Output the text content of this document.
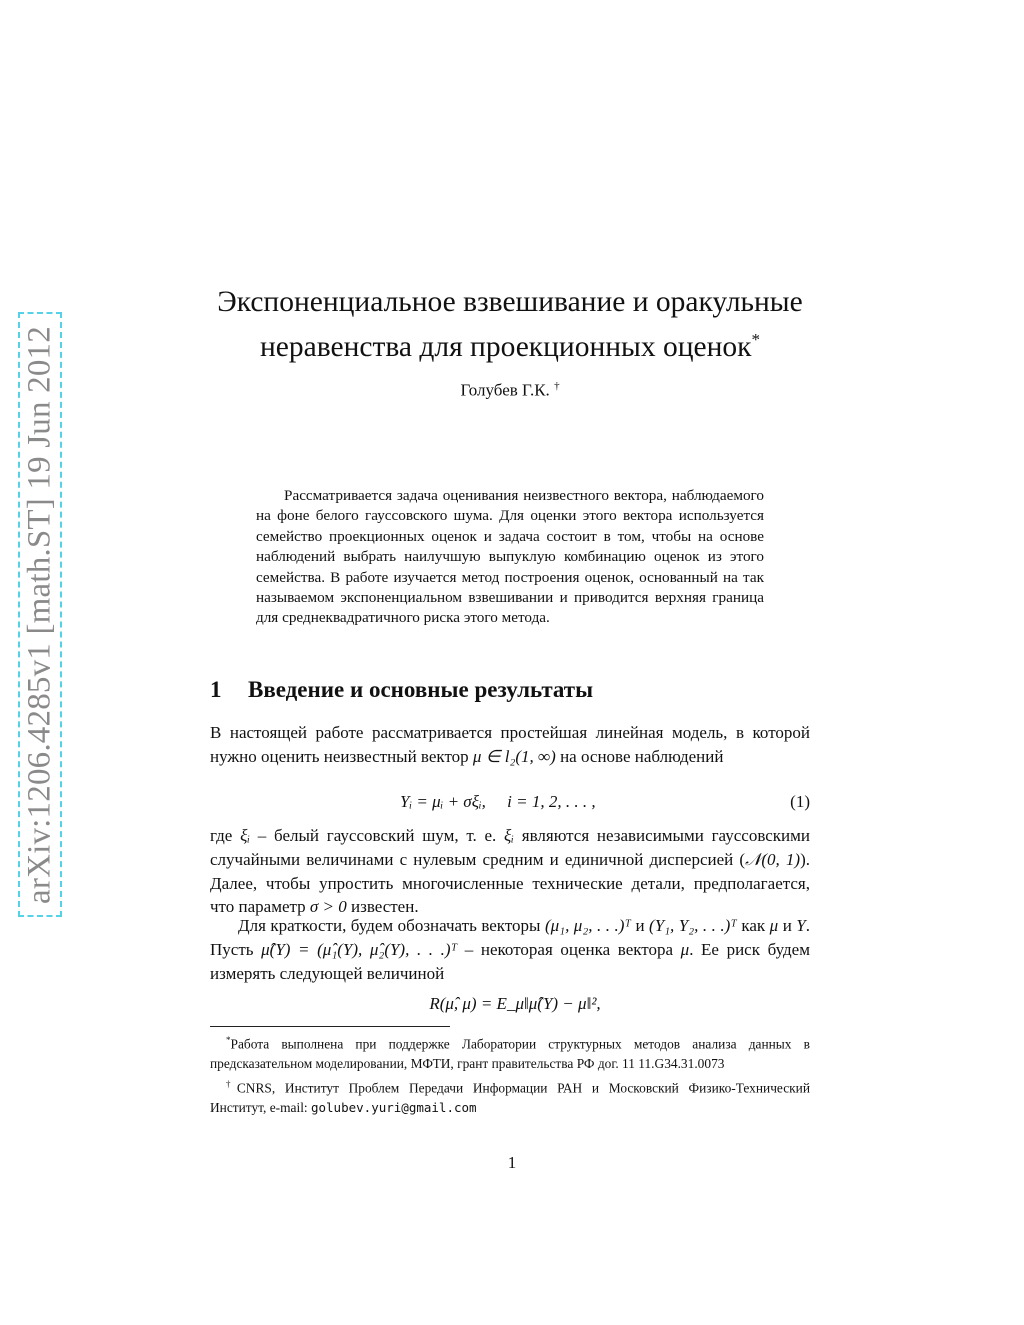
arXiv:1206.4285v1 [math.ST] 19 Jun 2012
Экспоненциальное взвешивание и оракульные
неравенства для проекционных оценок*
Голубев Г.К. †
Рассматривается задача оценивания неизвестного вектора, наблюдаемого на фоне белого гауссовского шума. Для оценки этого вектора используется семейство проекционных оценок и задача состоит в том, чтобы на основе наблюдений выбрать наилучшую выпуклую комбинацию оценок из этого семейства. В работе изучается метод построения оценок, основанный на так называемом экспоненциальном взвешивании и приводится верхняя граница для среднеквадратичного риска этого метода.
1 Введение и основные результаты
В настоящей работе рассматривается простейшая линейная модель, в которой нужно оценить неизвестный вектор μ ∈ l₂(1, ∞) на основе наблюдений
Yᵢ = μᵢ + σξᵢ,     i = 1, 2, . . . ,	(1)
где ξᵢ – белый гауссовский шум, т. е. ξᵢ являются независимыми гауссовскими случайными величинами с нулевым средним и единичной дисперсией (𝒩(0, 1)). Далее, чтобы упростить многочисленные технические детали, предполагается, что параметр σ > 0 известен.
Для краткости, будем обозначать векторы (μ₁, μ₂, . . .)ᵀ и (Y₁, Y₂, . . .)ᵀ как μ и Y. Пусть μ̂(Y) = (μ̂₁(Y), μ̂₂(Y), . . .)ᵀ – некоторая оценка вектора μ. Ее риск будем измерять следующей величиной
R(μ̂, μ) = E_μ‖μ̂(Y) − μ‖²,

*Работа выполнена при поддержке Лаборатории структурных методов анализа данных в предсказательном моделировании, МФТИ, грант правительства РФ дог. 11 11.G34.31.0073

†CNRS, Институт Проблем Передачи Информации РАН и Московский Физико-Технический Институт, e-mail: golubev.yuri@gmail.com

1
